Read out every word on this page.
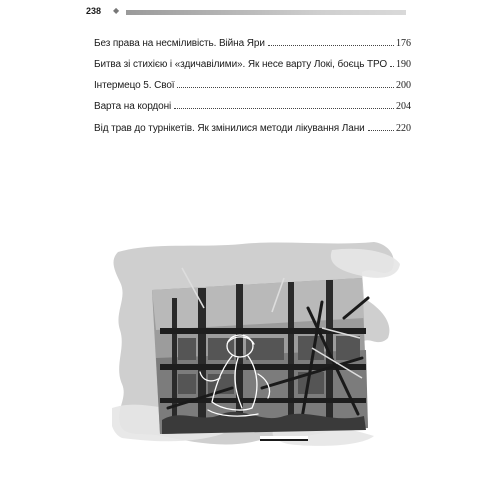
238 ◆
Без права на несміливість. Війна Яри	176
Битва зі стихією і «здичавілими». Як несе варту Локі, боєць ТРО 190
Інтермецо 5. Свої	200
Варта на кордоні	204
Від трав до турнікетів. Як змінилися методи лікування Лани	220
